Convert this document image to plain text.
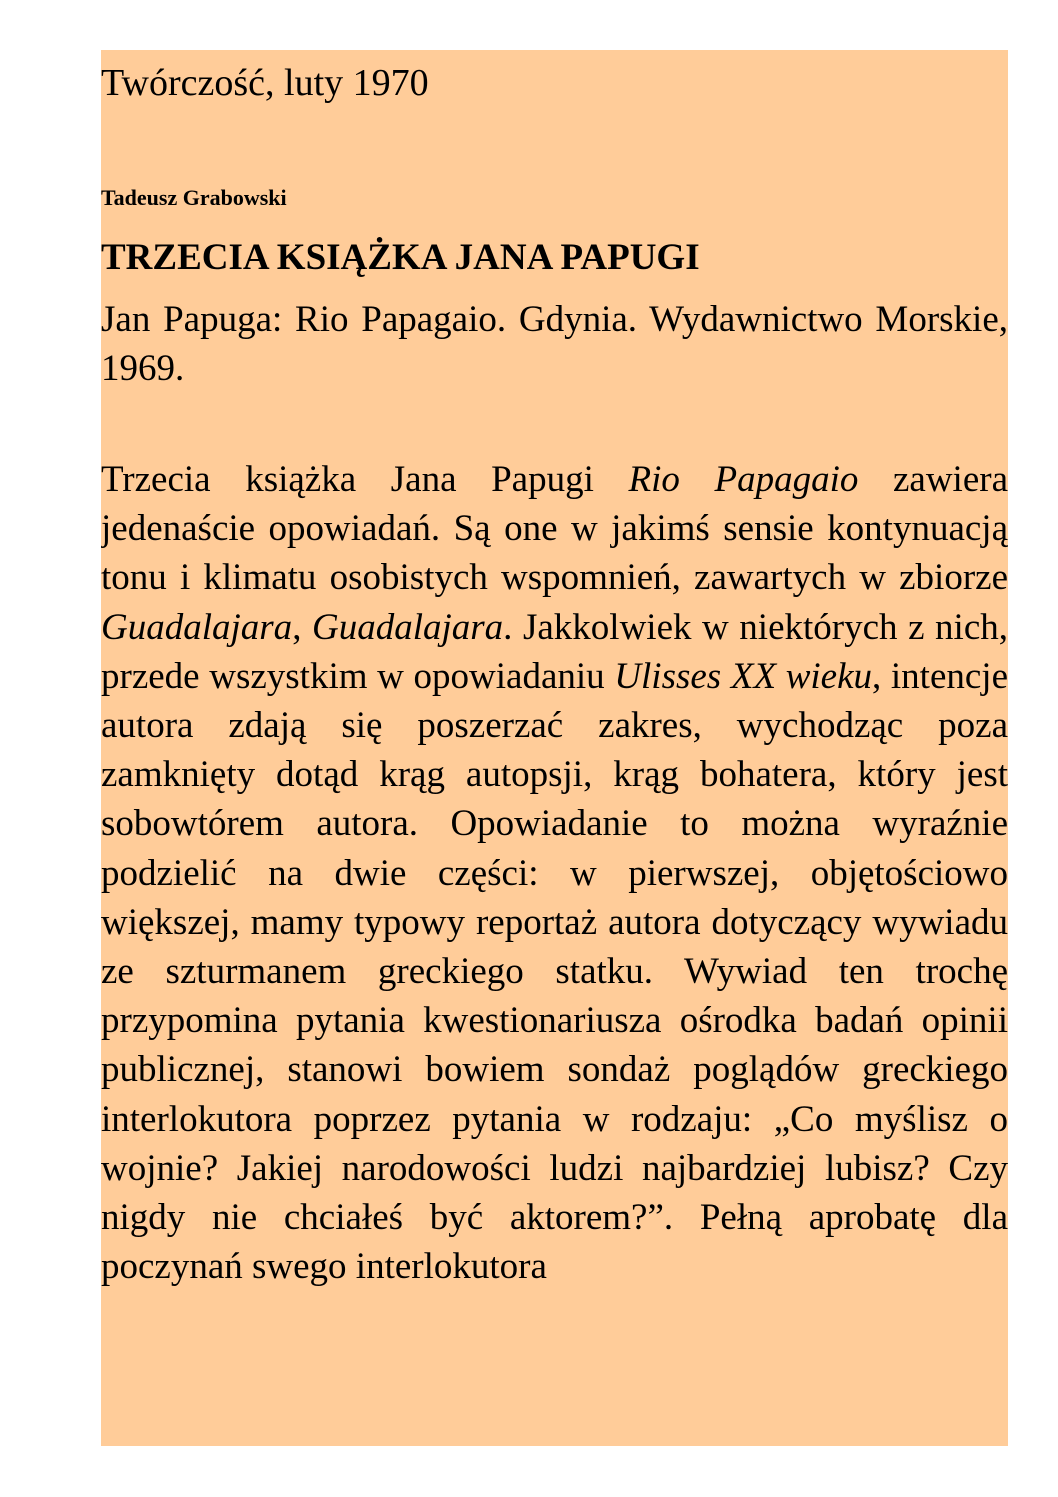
Twórczość, luty 1970
Tadeusz Grabowski
TRZECIA KSIĄŻKA JANA PAPUGI
Jan Papuga: Rio Papagaio. Gdynia. Wydawnictwo Morskie, 1969.
Trzecia książka Jana Papugi Rio Papagaio zawiera jedenaście opowiadań. Są one w jakimś sensie kontynuacją tonu i klimatu osobistych wspomnień, zawartych w zbiorze Guadalajara, Guadalajara. Jakkolwiek w niektórych z nich, przede wszystkim w opowiadaniu Ulisses XX wieku, intencje autora zdają się poszerzać zakres, wychodząc poza zamknięty dotąd krąg autopsji, krąg bohatera, który jest sobowtórem autora. Opowiadanie to można wyraźnie podzielić na dwie części: w pierwszej, objętościowo większej, mamy typowy reportaż autora dotyczący wywiadu ze szturmanem greckiego statku. Wywiad ten trochę przypomina pytania kwestionariusza ośrodka badań opinii publicznej, stanowi bowiem sondaż poglądów greckiego interlokutora poprzez pytania w rodzaju: „Co myślisz o wojnie? Jakiej narodowości ludzi najbardziej lubisz? Czy nigdy nie chciałeś być aktorem?”. Pełną aprobatę dla poczynań swego interlokutora
